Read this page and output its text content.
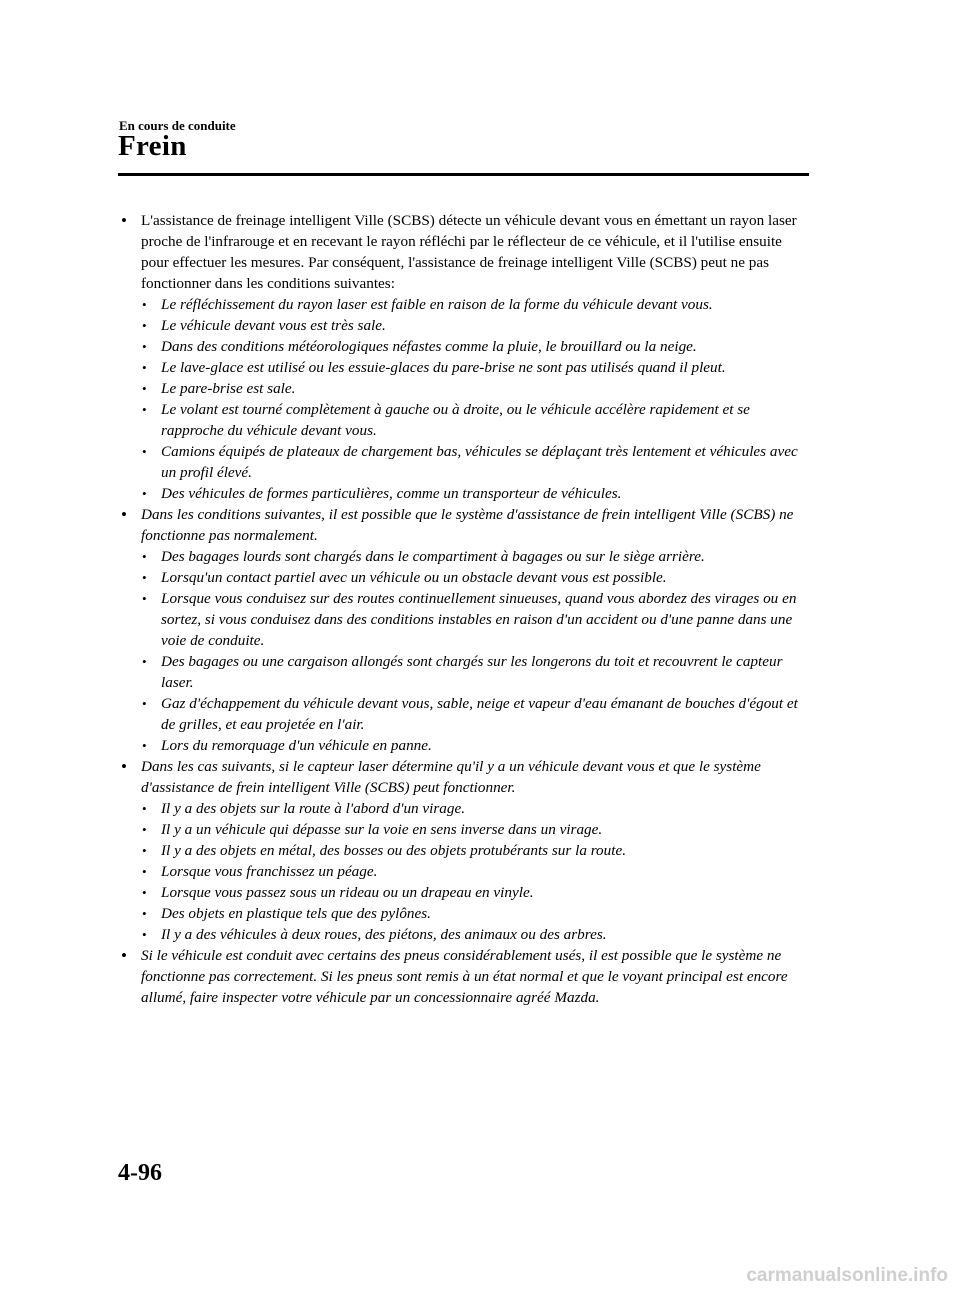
En cours de conduite
Frein
• L'assistance de freinage intelligent Ville (SCBS) détecte un véhicule devant vous en émettant un rayon laser proche de l'infrarouge et en recevant le rayon réfléchi par le réflecteur de ce véhicule, et il l'utilise ensuite pour effectuer les mesures. Par conséquent, l'assistance de freinage intelligent Ville (SCBS) peut ne pas fonctionner dans les conditions suivantes:
• Le réfléchissement du rayon laser est faible en raison de la forme du véhicule devant vous.
• Le véhicule devant vous est très sale.
• Dans des conditions météorologiques néfastes comme la pluie, le brouillard ou la neige.
• Le lave-glace est utilisé ou les essuie-glaces du pare-brise ne sont pas utilisés quand il pleut.
• Le pare-brise est sale.
• Le volant est tourné complètement à gauche ou à droite, ou le véhicule accélère rapidement et se rapproche du véhicule devant vous.
• Camions équipés de plateaux de chargement bas, véhicules se déplaçant très lentement et véhicules avec un profil élevé.
• Des véhicules de formes particulières, comme un transporteur de véhicules.
• Dans les conditions suivantes, il est possible que le système d'assistance de frein intelligent Ville (SCBS) ne fonctionne pas normalement.
• Des bagages lourds sont chargés dans le compartiment à bagages ou sur le siège arrière.
• Lorsqu'un contact partiel avec un véhicule ou un obstacle devant vous est possible.
• Lorsque vous conduisez sur des routes continuellement sinueuses, quand vous abordez des virages ou en sortez, si vous conduisez dans des conditions instables en raison d'un accident ou d'une panne dans une voie de conduite.
• Des bagages ou une cargaison allongés sont chargés sur les longerons du toit et recouvrent le capteur laser.
• Gaz d'échappement du véhicule devant vous, sable, neige et vapeur d'eau émanant de bouches d'égout et de grilles, et eau projetée en l'air.
• Lors du remorquage d'un véhicule en panne.
• Dans les cas suivants, si le capteur laser détermine qu'il y a un véhicule devant vous et que le système d'assistance de frein intelligent Ville (SCBS) peut fonctionner.
• Il y a des objets sur la route à l'abord d'un virage.
• Il y a un véhicule qui dépasse sur la voie en sens inverse dans un virage.
• Il y a des objets en métal, des bosses ou des objets protubérants sur la route.
• Lorsque vous franchissez un péage.
• Lorsque vous passez sous un rideau ou un drapeau en vinyle.
• Des objets en plastique tels que des pylônes.
• Il y a des véhicules à deux roues, des piétons, des animaux ou des arbres.
• Si le véhicule est conduit avec certains des pneus considérablement usés, il est possible que le système ne fonctionne pas correctement. Si les pneus sont remis à un état normal et que le voyant principal est encore allumé, faire inspecter votre véhicule par un concessionnaire agréé Mazda.
4-96
carmanualsonline.info
